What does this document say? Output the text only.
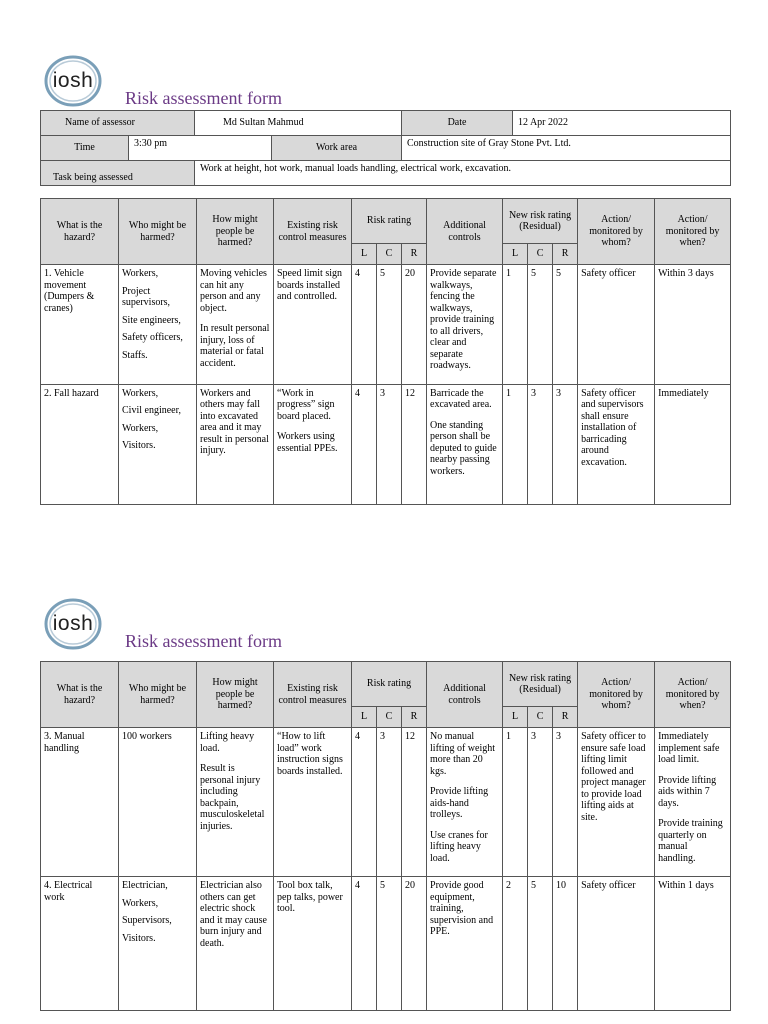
iosh
Risk assessment form
Name of assessor		Md Sultan Mahmud		Date	12 Apr 2022
Time	3:30 pm		Work area	Construction site of Gray Stone Pvt. Ltd.	
Task being assessed		Work at height, hot work, manual loads handling, electrical work, excavation.			
What is the hazard?	Who might be harmed?	How might people be harmed?	Existing risk control measures	Risk rating			Additional controls	New risk rating (Residual)			Action/ monitored by whom?	Action/ monitored by when?
				L	C	R		L	C	R		
1. Vehicle movement (Dumpers & cranes)	Workers,
Project supervisors,
Site engineers,
Safety officers,
Staffs.	Moving vehicles can hit any person and any object.
In result personal injury, loss of material or fatal accident.	Speed limit sign boards installed and controlled.	4	5	20	Provide separate walkways, fencing the walkways, provide training to all drivers, clear and separate roadways.	1	5	5	Safety officer	Within 3 days

2. Fall hazard	Workers,
Civil engineer,
Workers,
Visitors.	Workers and others may fall into excavated area and it may result in personal injury.	“Work in progress” sign board placed.
Workers using essential PPEs.	4	3	12	Barricade the excavated area.
One standing person shall be deputed to guide nearby passing workers.	1	3	3	Safety officer and supervisors shall ensure installation of barricading around excavation.	Immediately
iosh
Risk assessment form
What is the hazard?	Who might be harmed?	How might people be harmed?	Existing risk control measures	Risk rating			Additional controls	New risk rating (Residual)			Action/ monitored by whom?	Action/ monitored by when?
				L	C	R		L	C	R		
3. Manual handling	100 workers	Lifting heavy load.
Result is personal injury including backpain, musculoskeletal injuries.	“How to lift load” work instruction signs boards installed.	4	3	12	No manual lifting of weight more than 20 kgs.
Provide lifting aids-hand trolleys.
Use cranes for lifting heavy load.	1	3	3	Safety officer to ensure safe load lifting limit followed and project manager to provide load lifting aids at site.	Immediately implement safe load limit.
Provide lifting aids within 7 days.
Provide training quarterly on manual handling.

4. Electrical work	Electrician,
Workers,
Supervisors,
Visitors.	Electrician also others can get electric shock and it may cause burn injury and death.	Tool box talk, pep talks, power tool.	4	5	20	Provide good equipment, training, supervision and PPE.	2	5	10	Safety officer	Within 1 days
